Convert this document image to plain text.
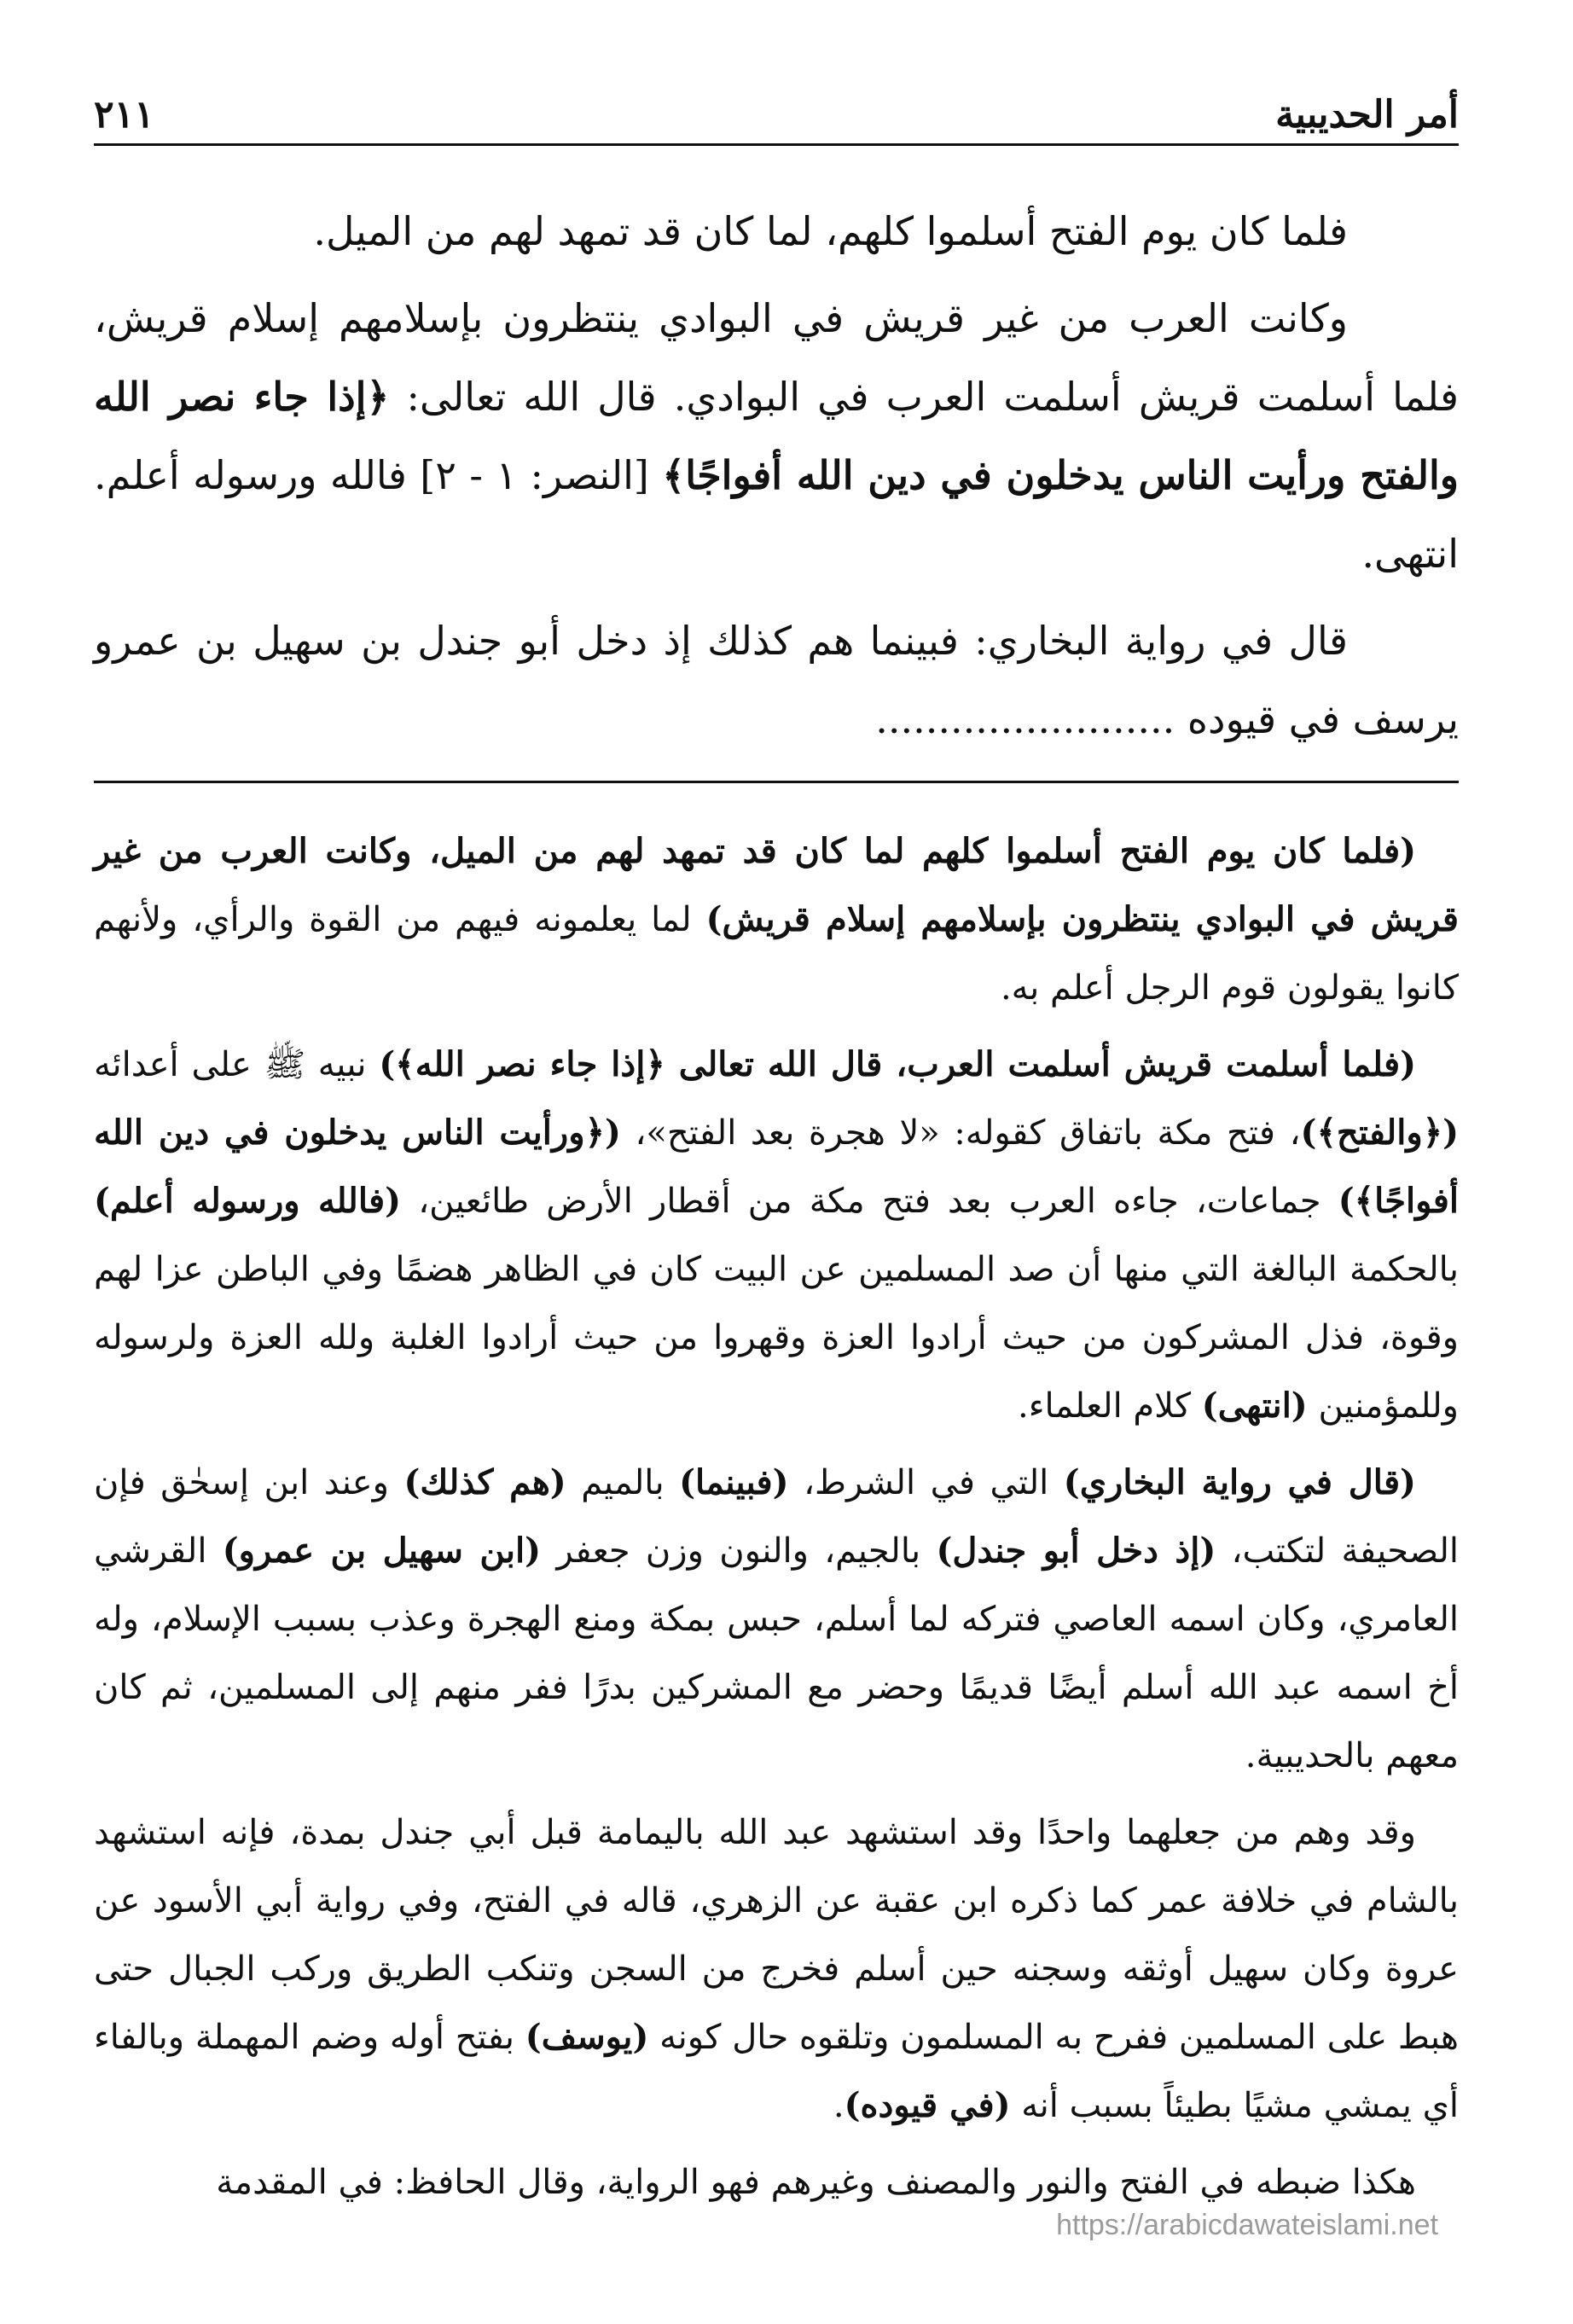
أمر الحديبية
٢١١

فلما كان يوم الفتح أسلموا كلهم، لما كان قد تمهد لهم من الميل.

وكانت العرب من غير قريش في البوادي ينتظرون بإسلامهم إسلام قريش، فلما أسلمت قريش أسلمت العرب في البوادي. قال الله تعالى: ﴿إذا جاء نصر الله والفتح ورأيت الناس يدخلون في دين الله أفواجًا﴾ [النصر: ١ - ٢] فالله ورسوله أعلم. انتهى.

قال في رواية البخاري: فبينما هم كذلك إذ دخل أبو جندل بن سهيل بن عمرو يرسف في قيوده ........................

(فلما كان يوم الفتح أسلموا كلهم لما كان قد تمهد لهم من الميل، وكانت العرب من غير قريش في البوادي ينتظرون بإسلامهم إسلام قريش) لما يعلمونه فيهم من القوة والرأي، ولأنهم كانوا يقولون قوم الرجل أعلم به.

(فلما أسلمت قريش أسلمت العرب، قال الله تعالى ﴿إذا جاء نصر الله﴾) نبيه ﷺ على أعدائه (﴿والفتح﴾)، فتح مكة باتفاق كقوله: «لا هجرة بعد الفتح»، (﴿ورأيت الناس يدخلون في دين الله أفواجًا﴾) جماعات، جاءه العرب بعد فتح مكة من أقطار الأرض طائعين، (فالله ورسوله أعلم) بالحكمة البالغة التي منها أن صد المسلمين عن البيت كان في الظاهر هضمًا وفي الباطن عزا لهم وقوة، فذل المشركون من حيث أرادوا العزة وقهروا من حيث أرادوا الغلبة ولله العزة ولرسوله وللمؤمنين (انتهى) كلام العلماء.

(قال في رواية البخاري) التي في الشرط، (فبينما) بالميم (هم كذلك) وعند ابن إسحٰق فإن الصحيفة لتكتب، (إذ دخل أبو جندل) بالجيم، والنون وزن جعفر (ابن سهيل بن عمرو) القرشي العامري، وكان اسمه العاصي فتركه لما أسلم، حبس بمكة ومنع الهجرة وعذب بسبب الإسلام، وله أخ اسمه عبد الله أسلم أيضًا قديمًا وحضر مع المشركين بدرًا ففر منهم إلى المسلمين، ثم كان معهم بالحديبية.

وقد وهم من جعلهما واحدًا وقد استشهد عبد الله باليمامة قبل أبي جندل بمدة، فإنه استشهد بالشام في خلافة عمر كما ذكره ابن عقبة عن الزهري، قاله في الفتح، وفي رواية أبي الأسود عن عروة وكان سهيل أوثقه وسجنه حين أسلم فخرج من السجن وتنكب الطريق وركب الجبال حتى هبط على المسلمين ففرح به المسلمون وتلقوه حال كونه (يوسف) بفتح أوله وضم المهملة وبالفاء أي يمشي مشيًا بطيئاً بسبب أنه (في قيوده).

هكذا ضبطه في الفتح والنور والمصنف وغيرهم فهو الرواية، وقال الحافظ: في المقدمة

https://arabicdawateislami.net
